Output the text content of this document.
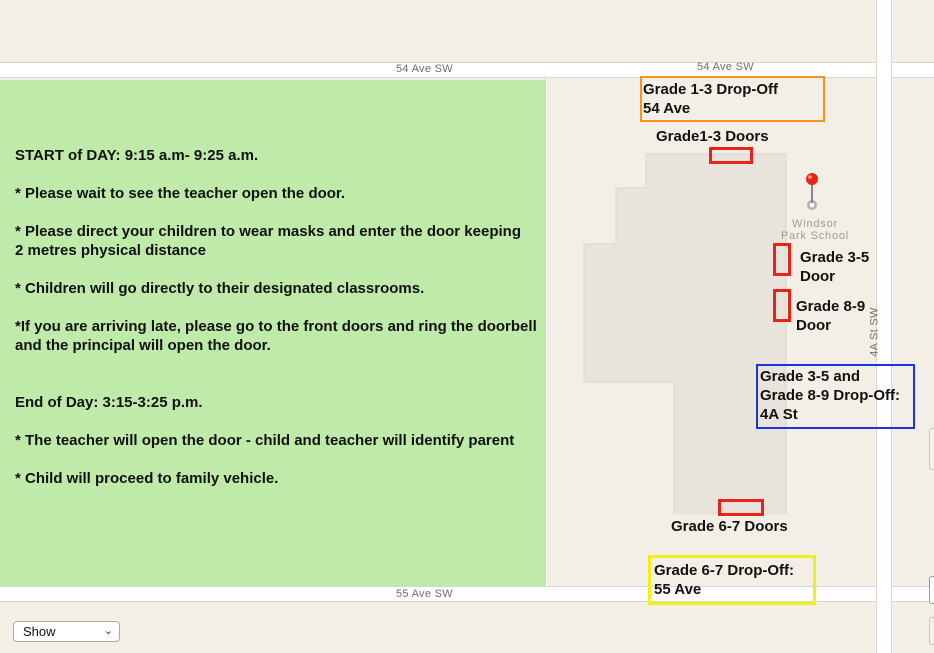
54 Ave SW	54 Ave SW
55 Ave SW
4A St SW
Windsor
Park School

START of DAY: 9:15 a.m- 9:25 a.m.

* Please wait to see the teacher open the door.

* Please direct your children to wear masks and enter the door keeping
2 metres physical distance

* Children will go directly to their designated classrooms.

*If you are arriving late, please go to the front doors and ring the doorbell
and the principal will open the door.

End of Day: 3:15-3:25 p.m.

* The teacher will open the door - child and teacher will identify parent

* Child will proceed to family vehicle.

Grade 1-3 Drop-Off
54 Ave
Grade 3-5 and
Grade 8-9 Drop-Off:
4A St
Grade 6-7 Drop-Off:
55 Ave
Grade1-3 Doors
Grade 3-5
Door
Grade 8-9
Door
Grade 6-7 Doors
Show	⌄
